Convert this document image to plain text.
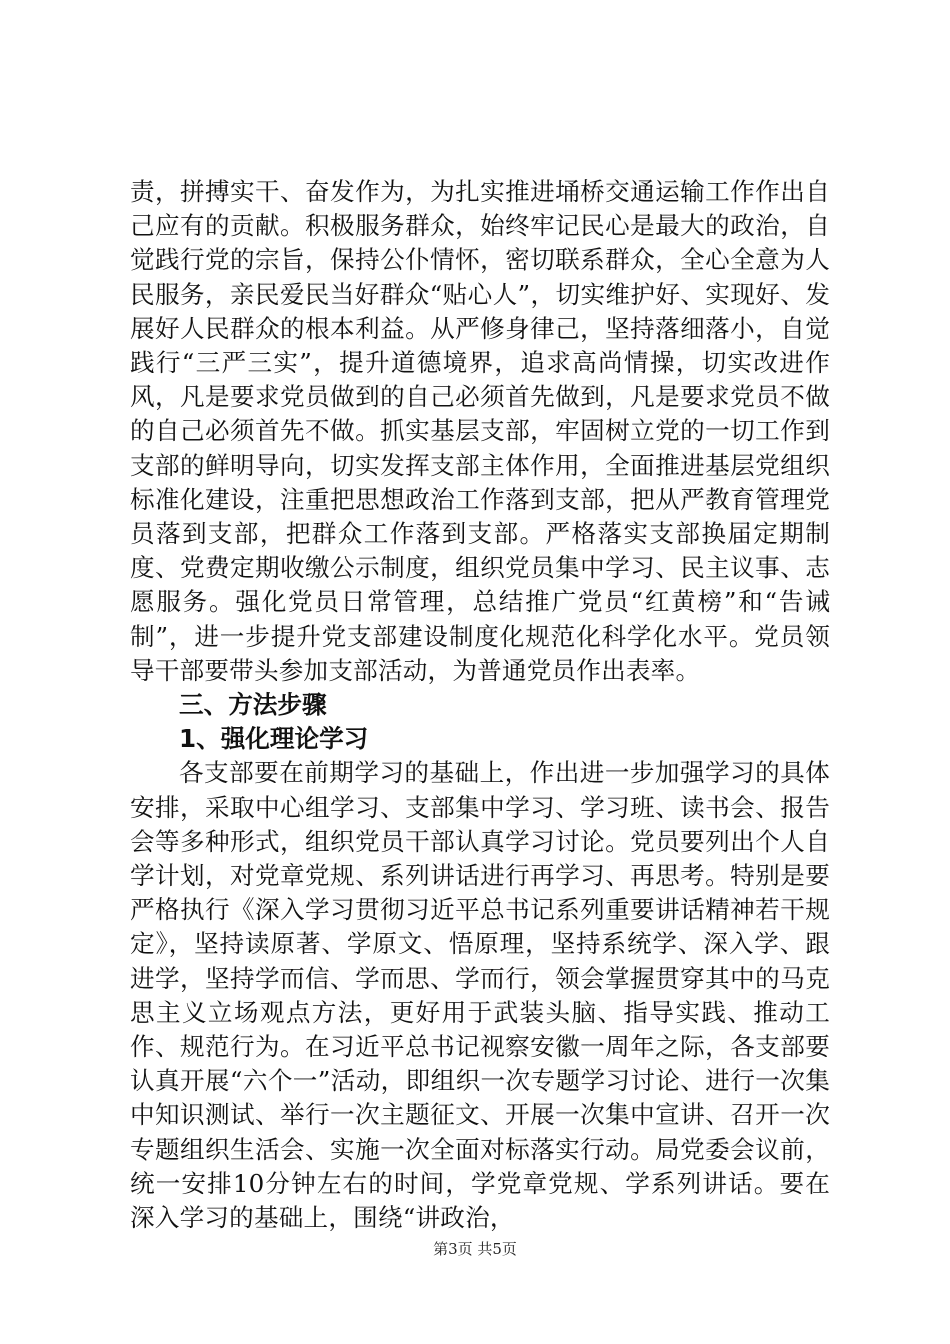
责，拼搏实干、奋发作为，为扎实推进埇桥交通运输工作作出自己应有的贡献。积极服务群众，始终牢记民心是最大的政治，自觉践行党的宗旨，保持公仆情怀，密切联系群众，全心全意为人民服务，亲民爱民当好群众“贴心人”，切实维护好、实现好、发展好人民群众的根本利益。从严修身律己，坚持落细落小，自觉践行“三严三实”，提升道德境界，追求高尚情操，切实改进作风，凡是要求党员做到的自己必须首先做到，凡是要求党员不做的自己必须首先不做。抓实基层支部，牢固树立党的一切工作到支部的鲜明导向，切实发挥支部主体作用，全面推进基层党组织标准化建设，注重把思想政治工作落到支部，把从严教育管理党员落到支部，把群众工作落到支部。严格落实支部换届定期制度、党费定期收缴公示制度，组织党员集中学习、民主议事、志愿服务。强化党员日常管理，总结推广党员“红黄榜”和“告诫制”，进一步提升党支部建设制度化规范化科学化水平。党员领导干部要带头参加支部活动，为普通党员作出表率。

三、方法步骤
1、强化理论学习

各支部要在前期学习的基础上，作出进一步加强学习的具体安排，采取中心组学习、支部集中学习、学习班、读书会、报告会等多种形式，组织党员干部认真学习讨论。党员要列出个人自学计划，对党章党规、系列讲话进行再学习、再思考。特别是要严格执行《深入学习贯彻习近平总书记系列重要讲话精神若干规定》，坚持读原著、学原文、悟原理，坚持系统学、深入学、跟进学，坚持学而信、学而思、学而行，领会掌握贯穿其中的马克思主义立场观点方法，更好用于武装头脑、指导实践、推动工作、规范行为。在习近平总书记视察安徽一周年之际，各支部要认真开展“六个一”活动，即组织一次专题学习讨论、进行一次集中知识测试、举行一次主题征文、开展一次集中宣讲、召开一次专题组织生活会、实施一次全面对标落实行动。局党委会议前，统一安排10分钟左右的时间，学党章党规、学系列讲话。要在深入学习的基础上，围绕“讲政治，

第3页 共5页
